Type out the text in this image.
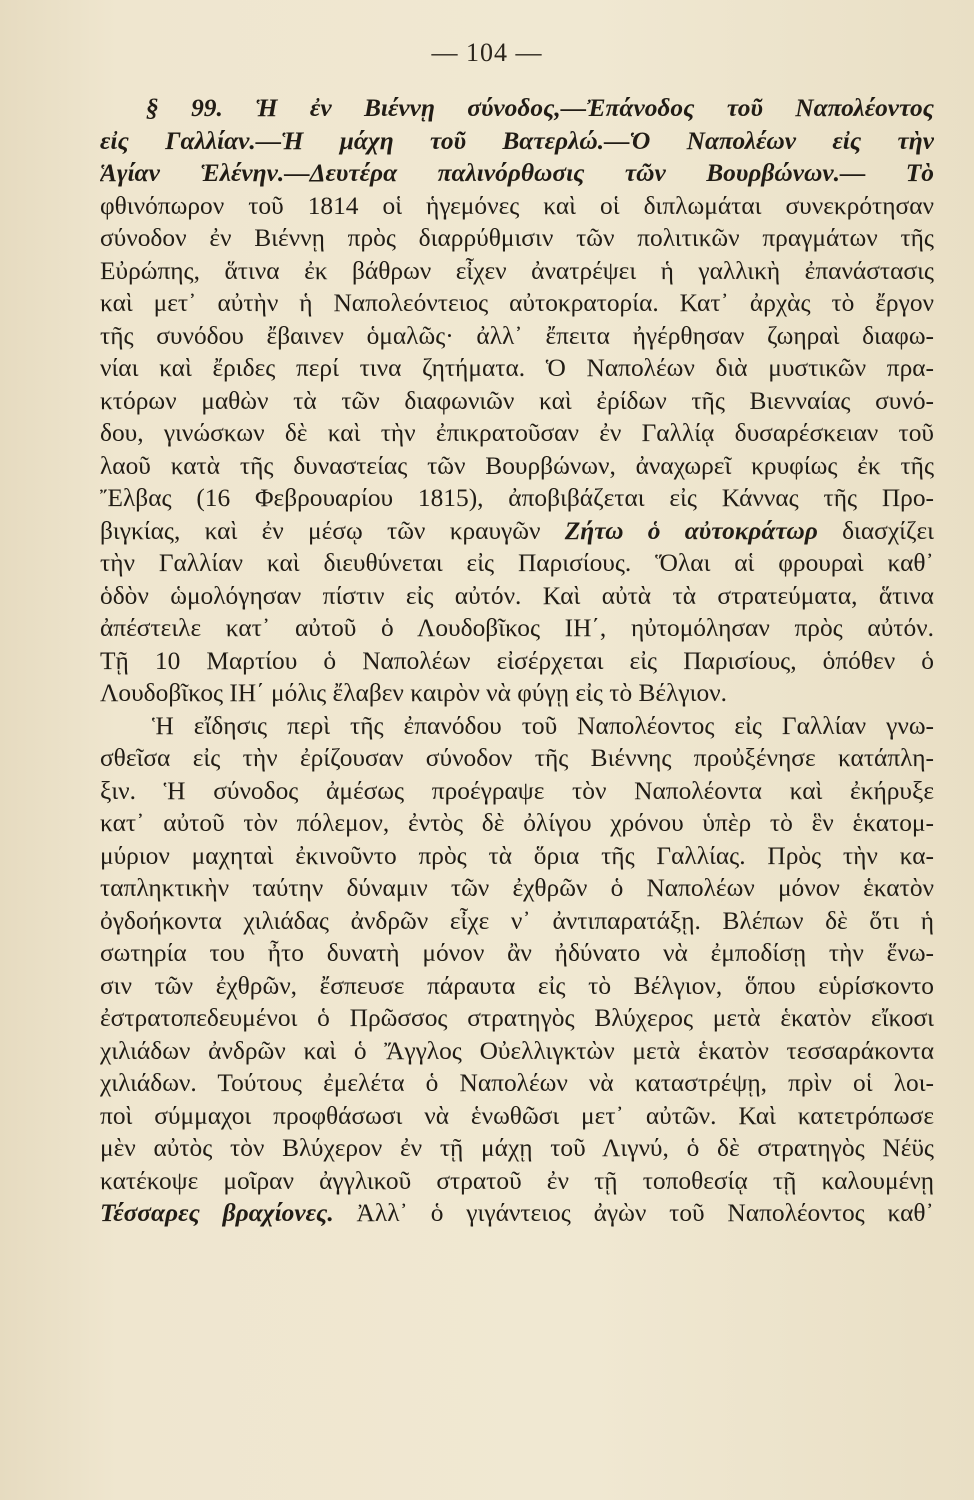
— 104 —
§ 99. Ἡ ἐν Βιέννῃ σύνοδος,—Ἐπάνοδος τοῦ Ναπολέοντος
εἰς Γαλλίαν.—Ἡ μάχη τοῦ Βατερλώ.—Ὁ Ναπολέων εἰς τὴν
Ἁγίαν Ἑλένην.—Δευτέρα παλινόρθωσις τῶν Βουρβώνων.— Τὸ
φθινόπωρον τοῦ 1814 οἱ ἡγεμόνες καὶ οἱ διπλωμάται συνεκρότησαν
σύνοδον ἐν Βιέννῃ πρὸς διαρρύθμισιν τῶν πολιτικῶν πραγμάτων τῆς
Εὐρώπης, ἅτινα ἐκ βάθρων εἶχεν ἀνατρέψει ἡ γαλλικὴ ἐπανάστασις
καὶ μετ᾽ αὐτὴν ἡ Ναπολεόντειος αὐτοκρατορία. Κατ᾽ ἀρχὰς τὸ ἔργον
τῆς συνόδου ἔβαινεν ὁμαλῶς· ἀλλ᾽ ἔπειτα ἠγέρθησαν ζωηραὶ διαφω-
νίαι καὶ ἔριδες περί τινα ζητήματα. Ὁ Ναπολέων διὰ μυστικῶν πρα-
κτόρων μαθὼν τὰ τῶν διαφωνιῶν καὶ ἐρίδων τῆς Βιενναίας συνό-
δου, γινώσκων δὲ καὶ τὴν ἐπικρατοῦσαν ἐν Γαλλίᾳ δυσαρέσκειαν τοῦ
λαοῦ κατὰ τῆς δυναστείας τῶν Βουρβώνων, ἀναχωρεῖ κρυφίως ἐκ τῆς
Ἔλβας (16 Φεβρουαρίου 1815), ἀποβιβάζεται εἰς Κάννας τῆς Προ-
βιγκίας, καὶ ἐν μέσῳ τῶν κραυγῶν Ζήτω ὁ αὐτοκράτωρ διασχίζει
τὴν Γαλλίαν καὶ διευθύνεται εἰς Παρισίους. Ὅλαι αἱ φρουραὶ καθ᾽
ὁδὸν ὡμολόγησαν πίστιν εἰς αὐτόν. Καὶ αὐτὰ τὰ στρατεύματα, ἅτινα
ἀπέστειλε κατ᾽ αὐτοῦ ὁ Λουδοβῖκος ΙΗ΄, ηὐτομόλησαν πρὸς αὐτόν.
Τῇ 10 Μαρτίου ὁ Ναπολέων εἰσέρχεται εἰς Παρισίους, ὁπόθεν ὁ
Λουδοβῖκος ΙΗ΄ μόλις ἔλαβεν καιρὸν νὰ φύγῃ εἰς τὸ Βέλγιον.
Ἡ εἴδησις περὶ τῆς ἐπανόδου τοῦ Ναπολέοντος εἰς Γαλλίαν γνω-
σθεῖσα εἰς τὴν ἐρίζουσαν σύνοδον τῆς Βιέννης προὐξένησε κατάπλη-
ξιν. Ἡ σύνοδος ἀμέσως προέγραψε τὸν Ναπολέοντα καὶ ἐκήρυξε
κατ᾽ αὐτοῦ τὸν πόλεμον, ἐντὸς δὲ ὀλίγου χρόνου ὑπὲρ τὸ ἓν ἑκατομ-
μύριον μαχηταὶ ἐκινοῦντο πρὸς τὰ ὅρια τῆς Γαλλίας. Πρὸς τὴν κα-
ταπληκτικὴν ταύτην δύναμιν τῶν ἐχθρῶν ὁ Ναπολέων μόνον ἑκατὸν
ὀγδοήκοντα χιλιάδας ἀνδρῶν εἶχε ν᾽ ἀντιπαρατάξῃ. Βλέπων δὲ ὅτι ἡ
σωτηρία του ἦτο δυνατὴ μόνον ἂν ἠδύνατο νὰ ἐμποδίσῃ τὴν ἕνω-
σιν τῶν ἐχθρῶν, ἔσπευσε πάραυτα εἰς τὸ Βέλγιον, ὅπου εὑρίσκοντο
ἐστρατοπεδευμένοι ὁ Πρῶσσος στρατηγὸς Βλύχερος μετὰ ἑκατὸν εἴκοσι
χιλιάδων ἀνδρῶν καὶ ὁ Ἄγγλος Οὐελλιγκτὼν μετὰ ἑκατὸν τεσσαράκοντα
χιλιάδων. Τούτους ἐμελέτα ὁ Ναπολέων νὰ καταστρέψῃ, πρὶν οἱ λοι-
ποὶ σύμμαχοι προφθάσωσι νὰ ἑνωθῶσι μετ᾽ αὐτῶν. Καὶ κατετρόπωσε
μὲν αὐτὸς τὸν Βλύχερον ἐν τῇ μάχῃ τοῦ Λιγνύ, ὁ δὲ στρατηγὸς Νέϋς
κατέκοψε μοῖραν ἀγγλικοῦ στρατοῦ ἐν τῇ τοποθεσίᾳ τῇ καλουμένῃ
Τέσσαρες βραχίονες. Ἀλλ᾽ ὁ γιγάντειος ἀγὼν τοῦ Ναπολέοντος καθ᾽
